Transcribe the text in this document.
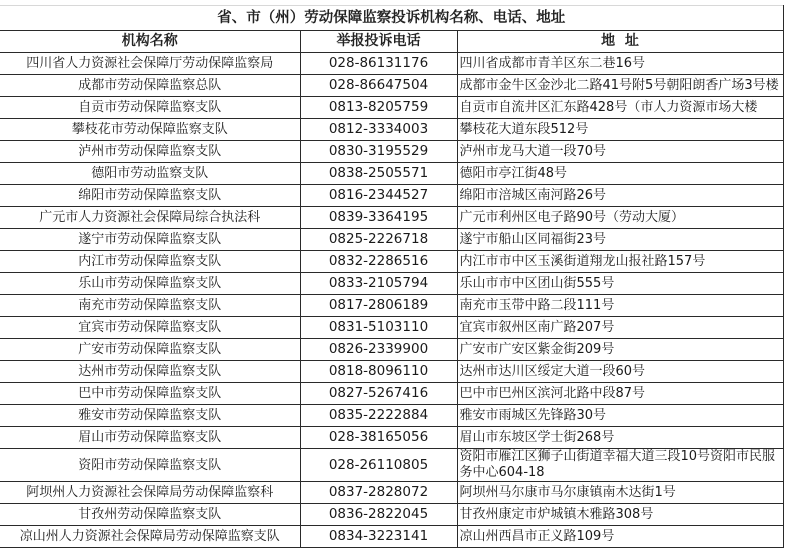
省、市（州）劳动保障监察投诉机构名称、电话、地址		
机构名称	举报投诉电话	地  址
四川省人力资源社会保障厅劳动保障监察局	028-86131176	四川省成都市青羊区东二巷16号
成都市劳动保障监察总队	028-86647504	成都市金牛区金沙北二路41号附5号朝阳朗香广场3号楼
自贡市劳动保障监察支队	0813-8205759	自贡市自流井区汇东路428号（市人力资源市场大楼
攀枝花市劳动保障监察支队	0812-3334003	攀枝花大道东段512号
泸州市劳动保障监察支队	0830-3195529	泸州市龙马大道一段70号
德阳市劳动监察支队	0838-2505571	德阳市亭江街48号
绵阳市劳动保障监察支队	0816-2344527	绵阳市涪城区南河路26号
广元市人力资源社会保障局综合执法科	0839-3364195	广元市利州区电子路90号（劳动大厦）
遂宁市劳动保障监察支队	0825-2226718	遂宁市船山区同福街23号
内江市劳动保障监察支队	0832-2286516	内江市市中区玉溪街道翔龙山报社路157号
乐山市劳动保障监察支队	0833-2105794	乐山市市中区团山街555号
南充市劳动保障监察支队	0817-2806189	南充市玉带中路二段111号
宜宾市劳动保障监察支队	0831-5103110	宜宾市叙州区南广路207号
广安市劳动保障监察支队	0826-2339900	广安市广安区紫金街209号
达州市劳动保障监察支队	0818-8096110	达州市达川区绥定大道一段60号
巴中市劳动保障监察支队	0827-5267416	巴中市巴州区滨河北路中段87号
雅安市劳动保障监察支队	0835-2222884	雅安市雨城区先锋路30号
眉山市劳动保障监察支队	028-38165056	眉山市东坡区学士街268号
资阳市劳动保障监察支队	028-26110805	资阳市雁江区狮子山街道幸福大道三段10号资阳市民服务中心604-18
阿坝州人力资源社会保障局劳动保障监察科	0837-2828072	阿坝州马尔康市马尔康镇南木达街1号
甘孜州劳动保障监察支队	0836-2822045	甘孜州康定市炉城镇木雅路308号
凉山州人力资源社会保障局劳动保障监察支队	0834-3223141	凉山州西昌市正义路109号
